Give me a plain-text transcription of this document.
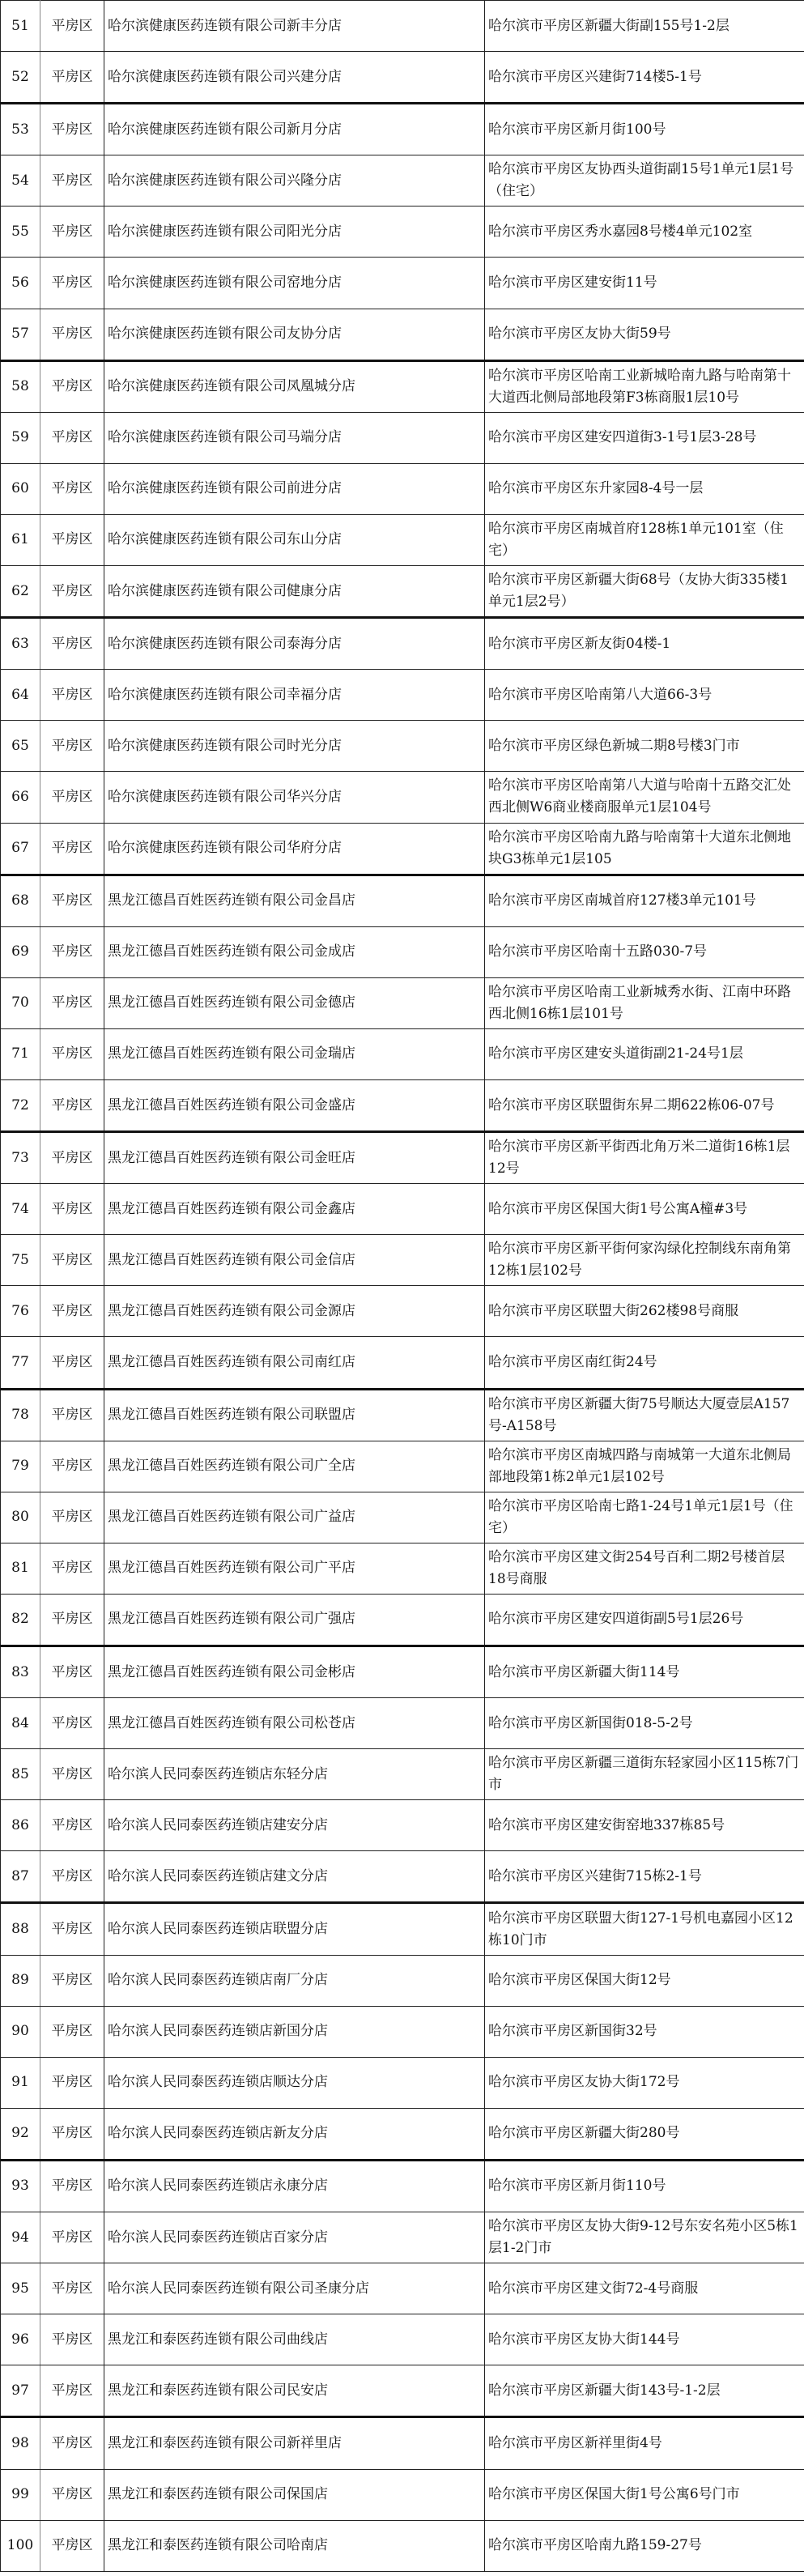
51	平房区	哈尔滨健康医药连锁有限公司新丰分店	哈尔滨市平房区新疆大街副155号1-2层
52	平房区	哈尔滨健康医药连锁有限公司兴建分店	哈尔滨市平房区兴建街714楼5-1号
53	平房区	哈尔滨健康医药连锁有限公司新月分店	哈尔滨市平房区新月街100号
54	平房区	哈尔滨健康医药连锁有限公司兴隆分店	哈尔滨市平房区友协西头道街副15号1单元1层1号（住宅）
55	平房区	哈尔滨健康医药连锁有限公司阳光分店	哈尔滨市平房区秀水嘉园8号楼4单元102室
56	平房区	哈尔滨健康医药连锁有限公司窑地分店	哈尔滨市平房区建安街11号
57	平房区	哈尔滨健康医药连锁有限公司友协分店	哈尔滨市平房区友协大街59号
58	平房区	哈尔滨健康医药连锁有限公司凤凰城分店	哈尔滨市平房区哈南工业新城哈南九路与哈南第十大道西北侧局部地段第F3栋商服1层10号
59	平房区	哈尔滨健康医药连锁有限公司马端分店	哈尔滨市平房区建安四道街3-1号1层3-28号
60	平房区	哈尔滨健康医药连锁有限公司前进分店	哈尔滨市平房区东升家园8-4号一层
61	平房区	哈尔滨健康医药连锁有限公司东山分店	哈尔滨市平房区南城首府128栋1单元101室（住宅）
62	平房区	哈尔滨健康医药连锁有限公司健康分店	哈尔滨市平房区新疆大街68号（友协大街335楼1单元1层2号）
63	平房区	哈尔滨健康医药连锁有限公司泰海分店	哈尔滨市平房区新友街04楼-1
64	平房区	哈尔滨健康医药连锁有限公司幸福分店	哈尔滨市平房区哈南第八大道66-3号
65	平房区	哈尔滨健康医药连锁有限公司时光分店	哈尔滨市平房区绿色新城二期8号楼3门市
66	平房区	哈尔滨健康医药连锁有限公司华兴分店	哈尔滨市平房区哈南第八大道与哈南十五路交汇处西北侧W6商业楼商服单元1层104号
67	平房区	哈尔滨健康医药连锁有限公司华府分店	哈尔滨市平房区哈南九路与哈南第十大道东北侧地块G3栋单元1层105
68	平房区	黑龙江德昌百姓医药连锁有限公司金昌店	哈尔滨市平房区南城首府127楼3单元101号
69	平房区	黑龙江德昌百姓医药连锁有限公司金成店	哈尔滨市平房区哈南十五路030-7号
70	平房区	黑龙江德昌百姓医药连锁有限公司金德店	哈尔滨市平房区哈南工业新城秀水街、江南中环路西北侧16栋1层101号
71	平房区	黑龙江德昌百姓医药连锁有限公司金瑞店	哈尔滨市平房区建安头道街副21-24号1层
72	平房区	黑龙江德昌百姓医药连锁有限公司金盛店	哈尔滨市平房区联盟街东昇二期622栋06-07号
73	平房区	黑龙江德昌百姓医药连锁有限公司金旺店	哈尔滨市平房区新平街西北角万米二道街16栋1层12号
74	平房区	黑龙江德昌百姓医药连锁有限公司金鑫店	哈尔滨市平房区保国大街1号公寓A橦#3号
75	平房区	黑龙江德昌百姓医药连锁有限公司金信店	哈尔滨市平房区新平街何家沟绿化控制线东南角第12栋1层102号
76	平房区	黑龙江德昌百姓医药连锁有限公司金源店	哈尔滨市平房区联盟大街262楼98号商服
77	平房区	黑龙江德昌百姓医药连锁有限公司南红店	哈尔滨市平房区南红街24号
78	平房区	黑龙江德昌百姓医药连锁有限公司联盟店	哈尔滨市平房区新疆大街75号顺达大厦壹层A157号-A158号
79	平房区	黑龙江德昌百姓医药连锁有限公司广全店	哈尔滨市平房区南城四路与南城第一大道东北侧局部地段第1栋2单元1层102号
80	平房区	黑龙江德昌百姓医药连锁有限公司广益店	哈尔滨市平房区哈南七路1-24号1单元1层1号（住宅）
81	平房区	黑龙江德昌百姓医药连锁有限公司广平店	哈尔滨市平房区建文街254号百利二期2号楼首层18号商服
82	平房区	黑龙江德昌百姓医药连锁有限公司广强店	哈尔滨市平房区建安四道街副5号1层26号
83	平房区	黑龙江德昌百姓医药连锁有限公司金彬店	哈尔滨市平房区新疆大街114号
84	平房区	黑龙江德昌百姓医药连锁有限公司松苍店	哈尔滨市平房区新国街018-5-2号
85	平房区	哈尔滨人民同泰医药连锁店东轻分店	哈尔滨市平房区新疆三道街东轻家园小区115栋7门市
86	平房区	哈尔滨人民同泰医药连锁店建安分店	哈尔滨市平房区建安街窑地337栋85号
87	平房区	哈尔滨人民同泰医药连锁店建文分店	哈尔滨市平房区兴建街715栋2-1号
88	平房区	哈尔滨人民同泰医药连锁店联盟分店	哈尔滨市平房区联盟大街127-1号机电嘉园小区12栋10门市
89	平房区	哈尔滨人民同泰医药连锁店南厂分店	哈尔滨市平房区保国大街12号
90	平房区	哈尔滨人民同泰医药连锁店新国分店	哈尔滨市平房区新国街32号
91	平房区	哈尔滨人民同泰医药连锁店顺达分店	哈尔滨市平房区友协大街172号
92	平房区	哈尔滨人民同泰医药连锁店新友分店	哈尔滨市平房区新疆大街280号
93	平房区	哈尔滨人民同泰医药连锁店永康分店	哈尔滨市平房区新月街110号
94	平房区	哈尔滨人民同泰医药连锁店百家分店	哈尔滨市平房区友协大街9-12号东安名苑小区5栋1层1-2门市
95	平房区	哈尔滨人民同泰医药连锁有限公司圣康分店	哈尔滨市平房区建文街72-4号商服
96	平房区	黑龙江和泰医药连锁有限公司曲线店	哈尔滨市平房区友协大街144号
97	平房区	黑龙江和泰医药连锁有限公司民安店	哈尔滨市平房区新疆大街143号-1-2层
98	平房区	黑龙江和泰医药连锁有限公司新祥里店	哈尔滨市平房区新祥里街4号
99	平房区	黑龙江和泰医药连锁有限公司保国店	哈尔滨市平房区保国大街1号公寓6号门市
100	平房区	黑龙江和泰医药连锁有限公司哈南店	哈尔滨市平房区哈南九路159-27号
